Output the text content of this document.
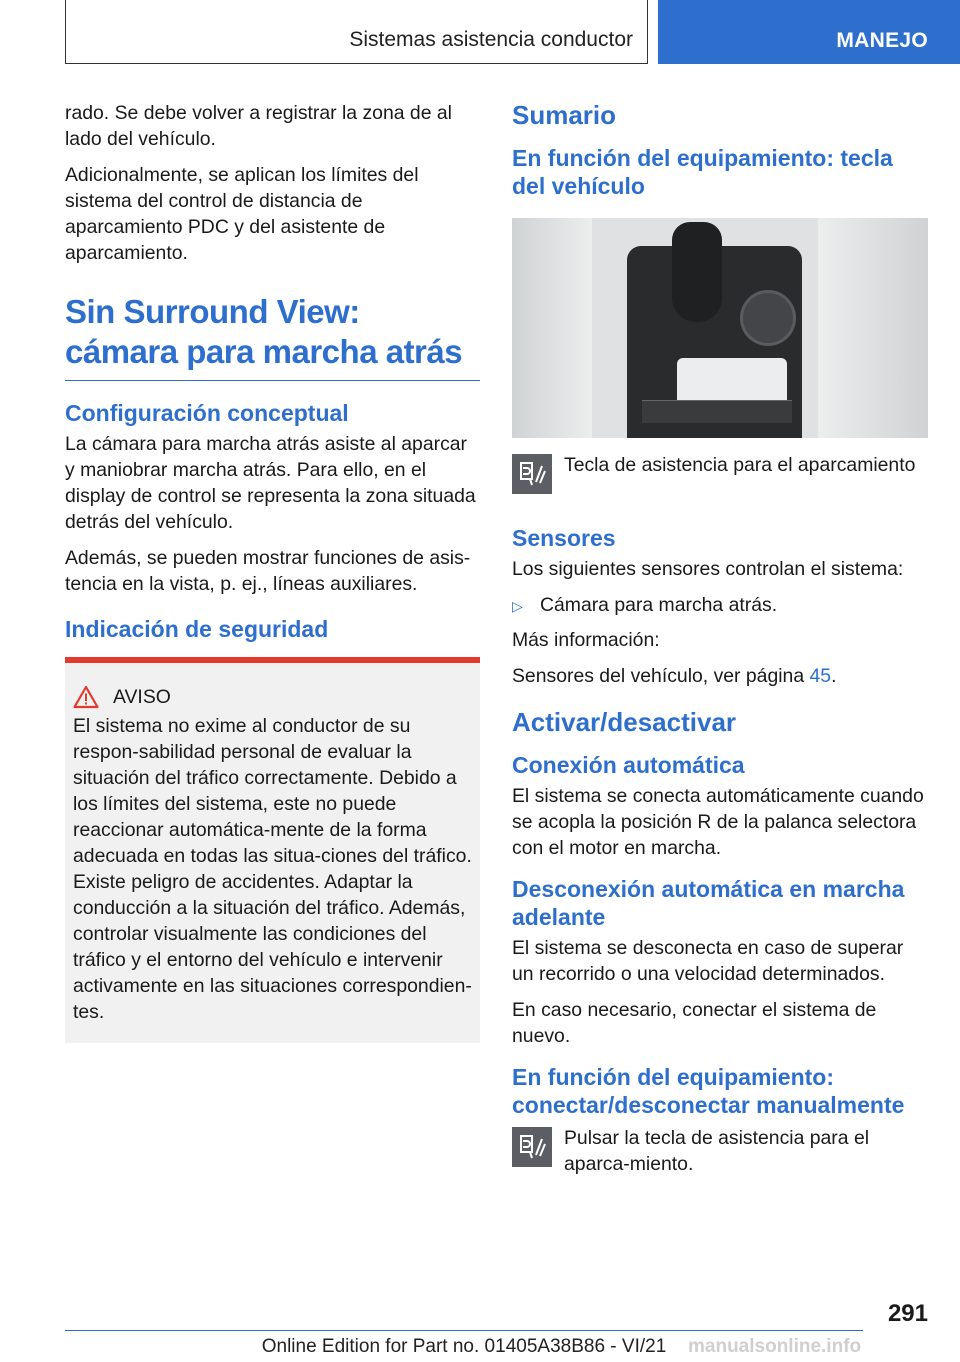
Sistemas asistencia conductor	MANEJO

rado. Se debe volver a registrar la zona de al lado del vehículo.

Adicionalmente, se aplican los límites del sistema del control de distancia de aparcamiento PDC y del asistente de aparcamiento.

Sin Surround View: cámara para marcha atrás
Configuración conceptual

La cámara para marcha atrás asiste al aparcar y maniobrar marcha atrás. Para ello, en el display de control se representa la zona situada detrás del vehículo.

Además, se pueden mostrar funciones de asis‐tencia en la vista, p. ej., líneas auxiliares.

Indicación de seguridad
AVISO

El sistema no exime al conductor de su respon‐sabilidad personal de evaluar la situación del tráfico correctamente. Debido a los límites del sistema, este no puede reaccionar automática‐mente de la forma adecuada en todas las situa‐ciones del tráfico. Existe peligro de accidentes. Adaptar la conducción a la situación del tráfico. Además, controlar visualmente las condiciones del tráfico y el entorno del vehículo e intervenir activamente en las situaciones correspondien‐tes.

Sumario
En función del equipamiento: tecla del vehículo

Tecla de asistencia para el aparcamiento

Sensores

Los siguientes sensores controlan el sistema:

▷ Cámara para marcha atrás.

Más información:

Sensores del vehículo, ver página 45.

Activar/desactivar
Conexión automática

El sistema se conecta automáticamente cuando se acopla la posición R de la palanca selectora con el motor en marcha.

Desconexión automática en marcha adelante

El sistema se desconecta en caso de superar un recorrido o una velocidad determinados.

En caso necesario, conectar el sistema de nuevo.

En función del equipamiento: conectar/desconectar manualmente

Pulsar la tecla de asistencia para el aparca‐miento.

291
Online Edition for Part no. 01405A38B86 - VI/21	manualsonline.info
